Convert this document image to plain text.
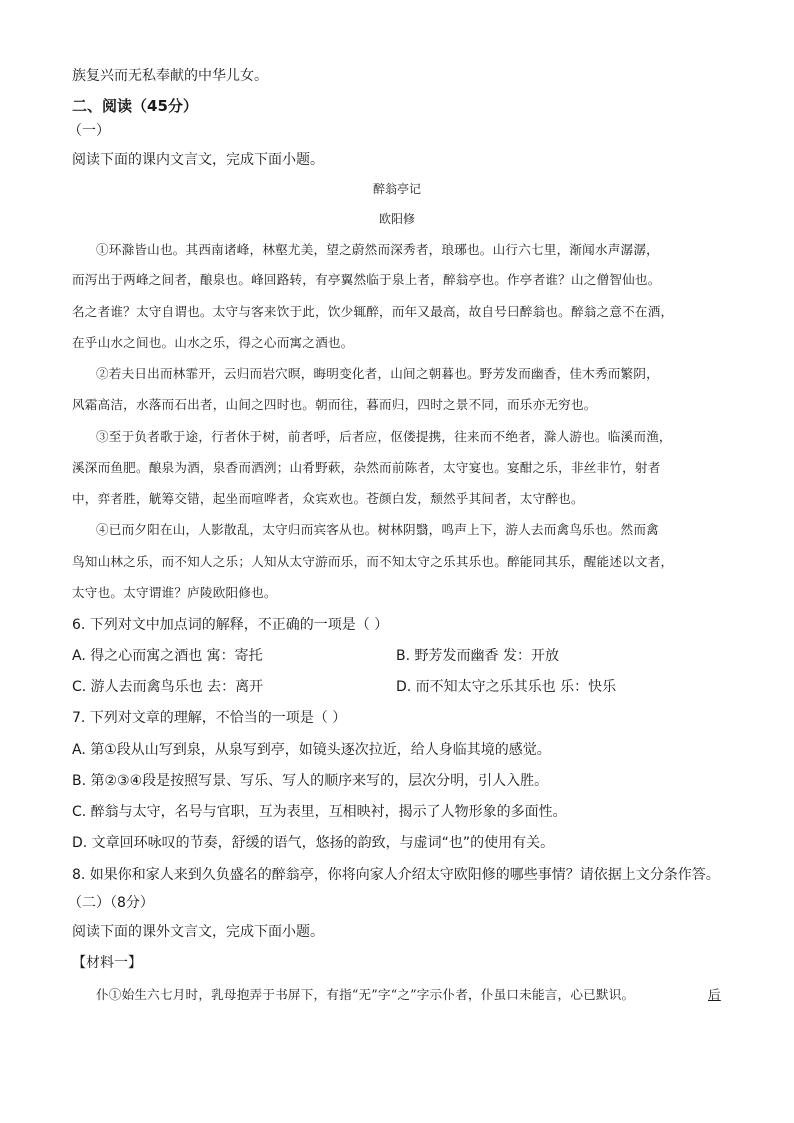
族复兴而无私奉献的中华儿女。
二、阅读（45分）
（一）
阅读下面的课内文言文，完成下面小题。
醉翁亭记
欧阳修
①环滁皆山也。其西南诸峰，林壑尤美，望之蔚然而深秀者，琅琊也。山行六七里，渐闻水声潺潺，
而泻出于两峰之间者，酿泉也。峰回路转，有亭翼然临于泉上者，醉翁亭也。作亭者谁？山之僧智仙也。
名之者谁？太守自谓也。太守与客来饮于此，饮少辄醉，而年又最高，故自号曰醉翁也。醉翁之意不在酒，
在乎山水之间也。山水之乐，得之心而寓之酒也。
②若夫日出而林霏开，云归而岩穴暝，晦明变化者，山间之朝暮也。野芳发而幽香，佳木秀而繁阴，
风霜高洁，水落而石出者，山间之四时也。朝而往，暮而归，四时之景不同，而乐亦无穷也。
③至于负者歌于途，行者休于树，前者呼，后者应，伛偻提携，往来而不绝者，滁人游也。临溪而渔，
溪深而鱼肥。酿泉为酒，泉香而酒洌；山肴野蔌，杂然而前陈者，太守宴也。宴酣之乐，非丝非竹，射者
中，弈者胜，觥筹交错，起坐而喧哗者，众宾欢也。苍颜白发，颓然乎其间者，太守醉也。
④已而夕阳在山，人影散乱，太守归而宾客从也。树林阴翳，鸣声上下，游人去而禽鸟乐也。然而禽
鸟知山林之乐，而不知人之乐；人知从太守游而乐，而不知太守之乐其乐也。醉能同其乐，醒能述以文者，
太守也。太守谓谁？庐陵欧阳修也。
6. 下列对文中加点词的解释，不正确的一项是（ ）
A. 得之心而寓之酒也 寓：寄托	B. 野芳发而幽香 发：开放
C. 游人去而禽鸟乐也 去：离开	D. 而不知太守之乐其乐也 乐：快乐
7. 下列对文章的理解，不恰当的一项是（ ）
A. 第①段从山写到泉，从泉写到亭，如镜头逐次拉近，给人身临其境的感觉。
B. 第②③④段是按照写景、写乐、写人的顺序来写的，层次分明，引人入胜。
C. 醉翁与太守，名号与官职，互为表里，互相映衬，揭示了人物形象的多面性。
D. 文章回环咏叹的节奏，舒缓的语气，悠扬的韵致，与虚词“也”的使用有关。
8. 如果你和家人来到久负盛名的醉翁亭，你将向家人介绍太守欧阳修的哪些事情？请依据上文分条作答。
（二）（8分）
阅读下面的课外文言文，完成下面小题。
【材料一】
仆①始生六七月时，乳母抱弄于书屏下，有指“无”字“之”字示仆者，仆虽口未能言，心已默识。	后
